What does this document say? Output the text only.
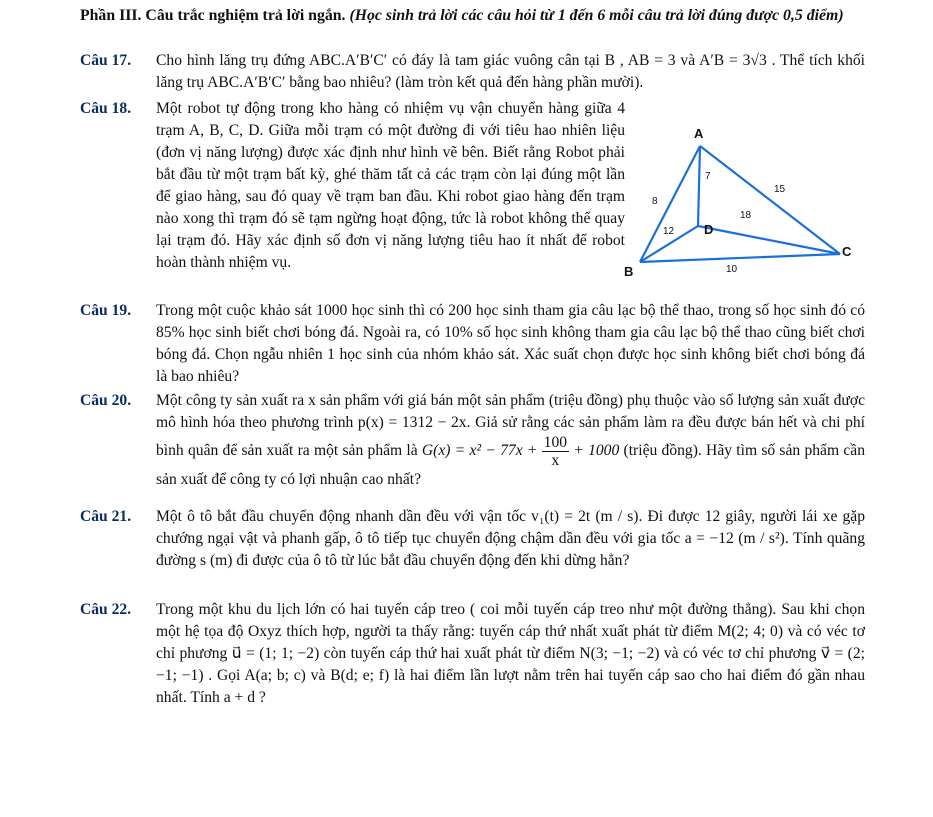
Phần III. Câu trắc nghiệm trả lời ngắn. (Học sinh trả lời các câu hỏi từ 1 đến 6 mỗi câu trả lời đúng được 0,5 điểm)
Câu 17. Cho hình lăng trụ đứng ABC.A′B′C′ có đáy là tam giác vuông cân tại B , AB = 3 và A′B = 3√3 . Thể tích khối lăng trụ ABC.A′B′C′ bằng bao nhiêu? (làm tròn kết quả đến hàng phần mười).
Câu 18. Một robot tự động trong kho hàng có nhiệm vụ vận chuyển hàng giữa 4 trạm A, B, C, D. Giữa mỗi trạm có một đường đi với tiêu hao nhiên liệu (đơn vị năng lượng) được xác định như hình vẽ bên. Biết rằng Robot phải bắt đầu từ một trạm bất kỳ, ghé thăm tất cả các trạm còn lại đúng một lần để giao hàng, sau đó quay về trạm ban đầu. Khi robot giao hàng đến trạm nào xong thì trạm đó sẽ tạm ngừng hoạt động, tức là robot không thể quay lại trạm đó. Hãy xác định số đơn vị năng lượng tiêu hao ít nhất để robot hoàn thành nhiệm vụ.
A
B
C
D
8
15
7
12
18
10
Câu 19. Trong một cuộc khảo sát 1000 học sinh thì có 200 học sinh tham gia câu lạc bộ thể thao, trong số học sinh đó có 85% học sinh biết chơi bóng đá. Ngoài ra, có 10% số học sinh không tham gia câu lạc bộ thể thao cũng biết chơi bóng đá. Chọn ngẫu nhiên 1 học sinh của nhóm khảo sát. Xác suất chọn được học sinh không biết chơi bóng đá là bao nhiêu?
Câu 20. Một công ty sản xuất ra x sản phẩm với giá bán một sản phẩm (triệu đồng) phụ thuộc vào số lượng sản xuất được mô hình hóa theo phương trình p(x) = 1312 − 2x. Giả sử rằng các sản phẩm làm ra đều được bán hết và chi phí bình quân để sản xuất ra một sản phẩm là $G(x) = x^2 - 77x + \frac{100}{x} + 1000$ (triệu đồng). Hãy tìm số sản phẩm cần sản xuất để công ty có lợi nhuận cao nhất?
Câu 21. Một ô tô bắt đầu chuyển động nhanh dần đều với vận tốc v₁(t) = 2t (m / s). Đi được 12 giây, người lái xe gặp chướng ngại vật và phanh gấp, ô tô tiếp tục chuyển động chậm dần đều với gia tốc a = −12 (m / s²). Tính quãng đường s (m) đi được của ô tô từ lúc bắt đầu chuyển động đến khi dừng hẳn?
Câu 22. Trong một khu du lịch lớn có hai tuyến cáp treo ( coi mỗi tuyến cáp treo như một đường thẳng). Sau khi chọn một hệ tọa độ Oxyz thích hợp, người ta thấy rằng: tuyến cáp thứ nhất xuất phát từ điểm M(2; 4; 0) và có véc tơ chỉ phương u⃗ = (1; 1; −2) còn tuyến cáp thứ hai xuất phát từ điểm N(3; −1; −2) và có véc tơ chỉ phương v⃗ = (2; −1; −1) . Gọi A(a; b; c) và B(d; e; f) là hai điểm lần lượt nằm trên hai tuyến cáp sao cho hai điểm đó gần nhau nhất. Tính a + d ?
